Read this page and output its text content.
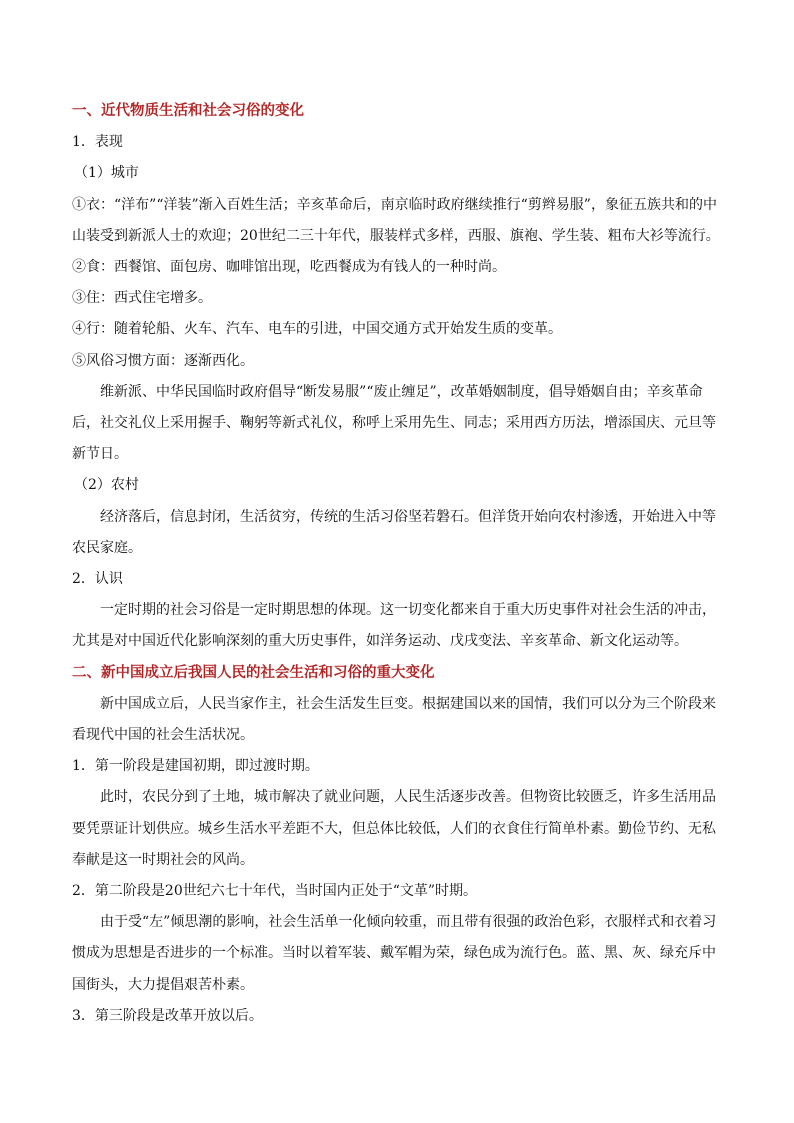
一、近代物质生活和社会习俗的变化

1．表现

（1）城市

①衣：“洋布”“洋装”渐入百姓生活；辛亥革命后，南京临时政府继续推行“剪辫易服”，象征五族共和的中山装受到新派人士的欢迎；20世纪二三十年代，服装样式多样，西服、旗袍、学生装、粗布大衫等流行。

②食：西餐馆、面包房、咖啡馆出现，吃西餐成为有钱人的一种时尚。

③住：西式住宅增多。

④行：随着轮船、火车、汽车、电车的引进，中国交通方式开始发生质的变革。

⑤风俗习惯方面：逐渐西化。

维新派、中华民国临时政府倡导“断发易服”“废止缠足”，改革婚姻制度，倡导婚姻自由；辛亥革命后，社交礼仪上采用握手、鞠躬等新式礼仪，称呼上采用先生、同志；采用西方历法，增添国庆、元旦等新节日。

（2）农村

经济落后，信息封闭，生活贫穷，传统的生活习俗坚若磐石。但洋货开始向农村渗透，开始进入中等农民家庭。

2．认识

一定时期的社会习俗是一定时期思想的体现。这一切变化都来自于重大历史事件对社会生活的冲击，尤其是对中国近代化影响深刻的重大历史事件，如洋务运动、戊戌变法、辛亥革命、新文化运动等。

二、新中国成立后我国人民的社会生活和习俗的重大变化

新中国成立后，人民当家作主，社会生活发生巨变。根据建国以来的国情，我们可以分为三个阶段来看现代中国的社会生活状况。

1．第一阶段是建国初期，即过渡时期。

此时，农民分到了土地，城市解决了就业问题，人民生活逐步改善。但物资比较匮乏，许多生活用品要凭票证计划供应。城乡生活水平差距不大，但总体比较低，人们的衣食住行简单朴素。勤俭节约、无私奉献是这一时期社会的风尚。

2．第二阶段是20世纪六七十年代，当时国内正处于“文革”时期。

由于受“左”倾思潮的影响，社会生活单一化倾向较重，而且带有很强的政治色彩，衣服样式和衣着习惯成为思想是否进步的一个标准。当时以着军装、戴军帽为荣，绿色成为流行色。蓝、黑、灰、绿充斥中国街头，大力提倡艰苦朴素。

3．第三阶段是改革开放以后。
